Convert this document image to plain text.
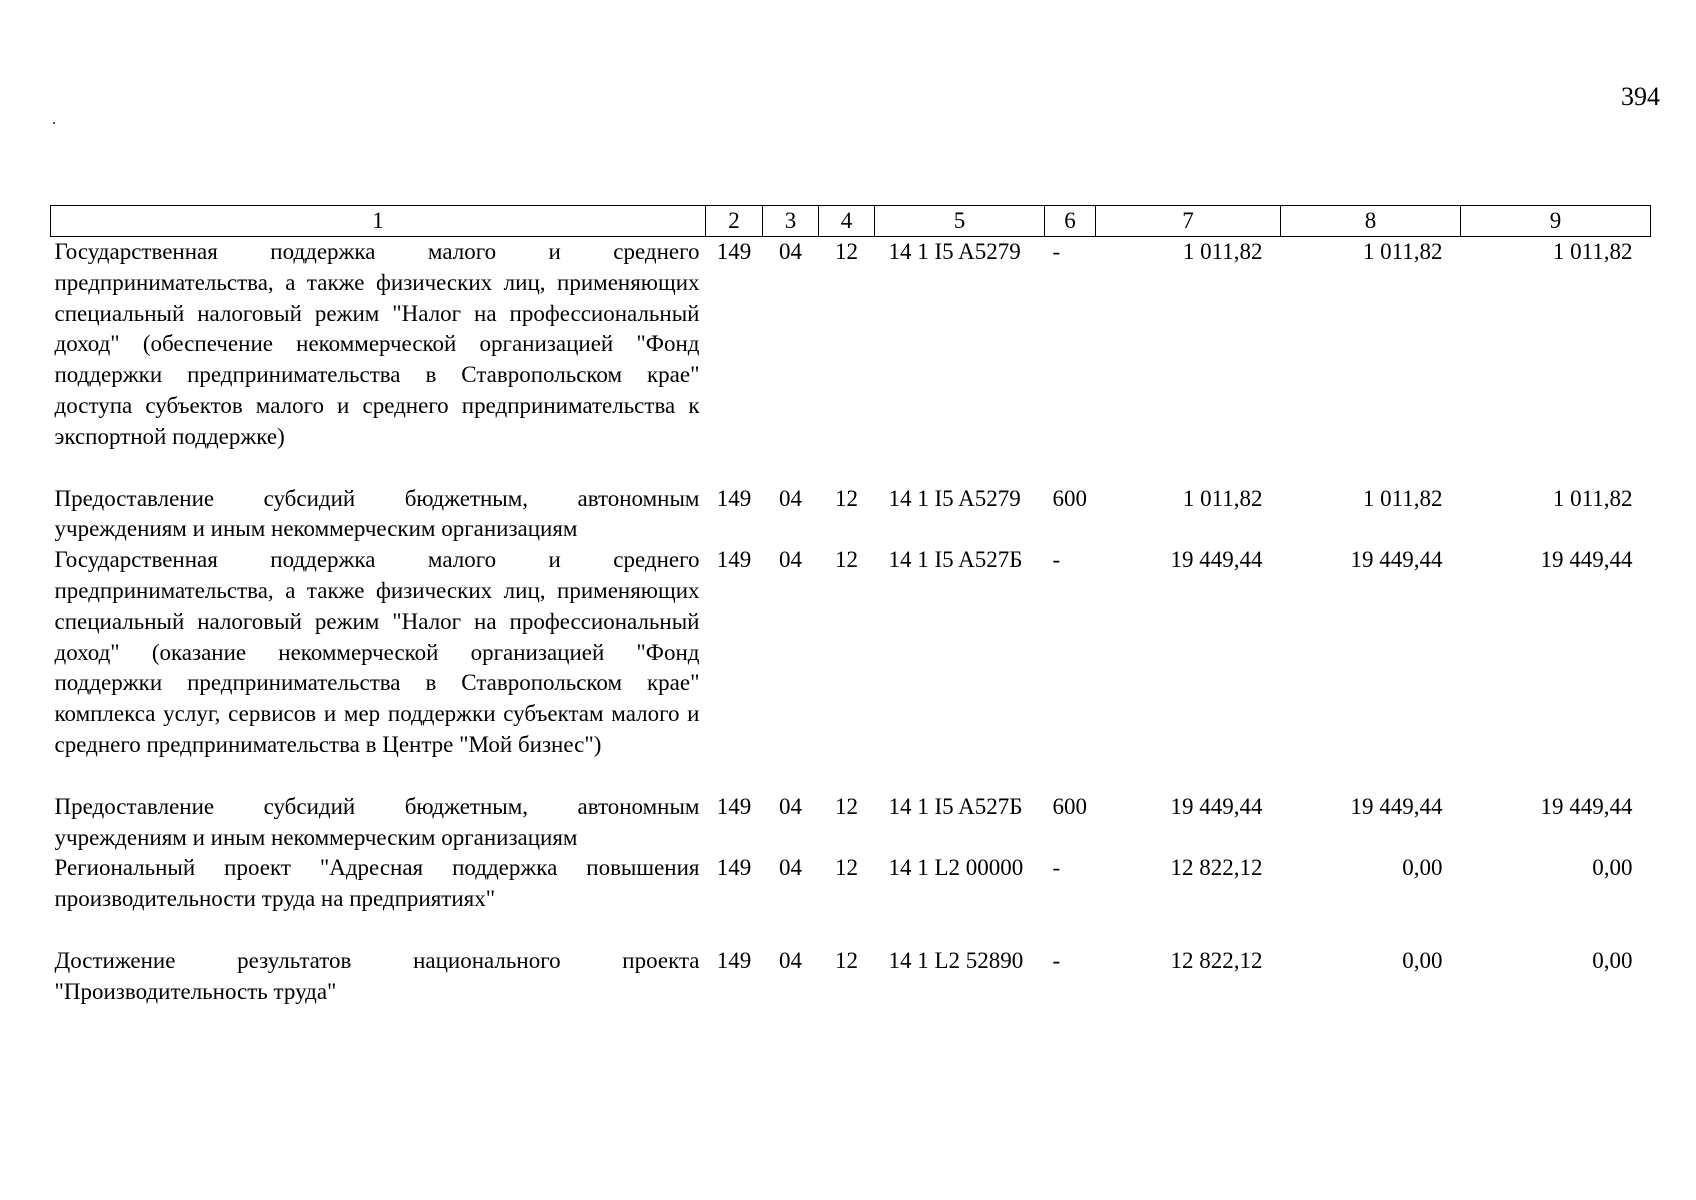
394
1	2	3	4	5	6	7	8	9
Государственная поддержка малого и среднего предпринимательства, а также физических лиц, применяющих специальный налоговый режим "Налог на профессиональный доход" (обеспечение некоммерческой организацией "Фонд поддержки предпринимательства в Ставропольском крае" доступа субъектов малого и среднего предпринимательства к экспортной поддержке)	149	04	12	14 1 I5 A5279	-	1 011,82	1 011,82	1 011,82
Предоставление субсидий бюджетным, автономным учреждениям и иным некоммерческим организациям	149	04	12	14 1 I5 A5279	600	1 011,82	1 011,82	1 011,82
Государственная поддержка малого и среднего предпринимательства, а также физических лиц, применяющих специальный налоговый режим "Налог на профессиональный доход" (оказание некоммерческой организацией "Фонд поддержки предпринимательства в Ставропольском крае" комплекса услуг, сервисов и мер поддержки субъектам малого и среднего предпринимательства в Центре "Мой бизнес")	149	04	12	14 1 I5 A527Б	-	19 449,44	19 449,44	19 449,44
Предоставление субсидий бюджетным, автономным учреждениям и иным некоммерческим организациям	149	04	12	14 1 I5 A527Б	600	19 449,44	19 449,44	19 449,44
Региональный проект "Адресная поддержка повышения производительности труда на предприятиях"	149	04	12	14 1 L2 00000	-	12 822,12	0,00	0,00
Достижение результатов национального проекта "Производительность труда"	149	04	12	14 1 L2 52890	-	12 822,12	0,00	0,00
